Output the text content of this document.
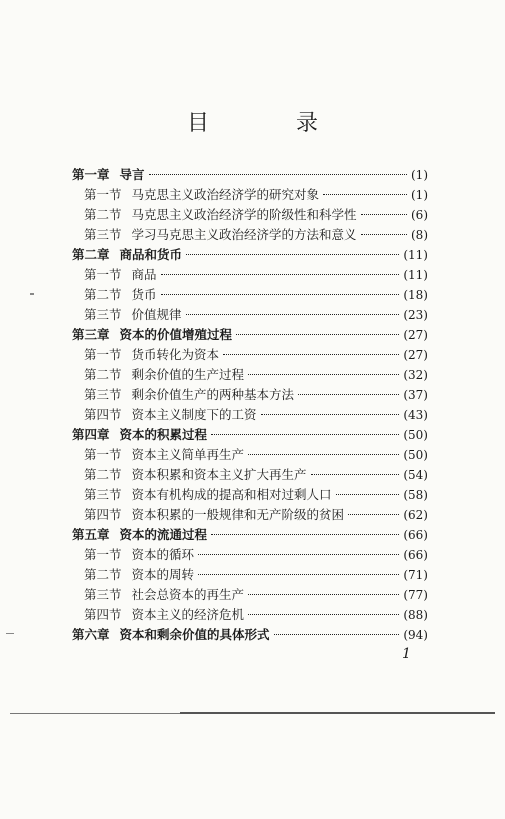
目 录
第一章 导言	(1)
第一节 马克思主义政治经济学的研究对象	(1)
第二节 马克思主义政治经济学的阶级性和科学性	(6)
第三节 学习马克思主义政治经济学的方法和意义	(8)
第二章 商品和货币	(11)
第一节 商品	(11)
第二节 货币	(18)
第三节 价值规律	(23)
第三章 资本的价值增殖过程	(27)
第一节 货币转化为资本	(27)
第二节 剩余价值的生产过程	(32)
第三节 剩余价值生产的两种基本方法	(37)
第四节 资本主义制度下的工资	(43)
第四章 资本的积累过程	(50)
第一节 资本主义简单再生产	(50)
第二节 资本积累和资本主义扩大再生产	(54)
第三节 资本有机构成的提高和相对过剩人口	(58)
第四节 资本积累的一般规律和无产阶级的贫困	(62)
第五章 资本的流通过程	(66)
第一节 资本的循环	(66)
第二节 资本的周转	(71)
第三节 社会总资本的再生产	(77)
第四节 资本主义的经济危机	(88)
第六章 资本和剩余价值的具体形式	(94)
1
